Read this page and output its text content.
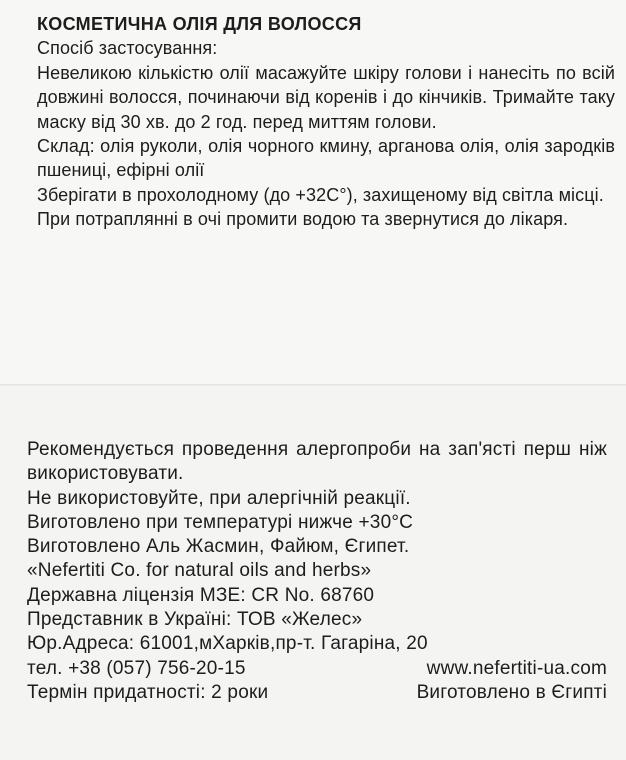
КОСМЕТИЧНА ОЛІЯ ДЛЯ ВОЛОССЯ
Спосіб застосування:
Невеликою кількістю олії масажуйте шкіру голови і нанесіть по всій довжині волосся, починаючи від коренів і до кінчиків. Тримайте таку маску від 30 хв. до 2 год. перед миттям голови.
Склад: олія руколи, олія чорного кмину, арганова олія, олія зародків пшениці, ефірні олії
Зберігати в прохолодному (до +32С°), захищеному від світла місці.
При потраплянні в очі промити водою та звернутися до лікаря.
Рекомендується проведення алергопроби на зап'ясті перш ніж використовувати.
Не використовуйте, при алергічній реакції.
Виготовлено при температурі нижче +30°С
Виготовлено Аль Жасмин, Файюм, Єгипет.
«Nefertiti Co. for natural oils and herbs»
Державна ліцензія МЗЕ: CR No. 68760
Представник в Україні: ТОВ «Желес»
Юр.Адреса: 61001,мХарків,пр-т. Гагаріна, 20
тел. +38 (057) 756-20-15	www.nefertiti-ua.com
Термін придатності: 2 роки	Виготовлено в Єгипті
